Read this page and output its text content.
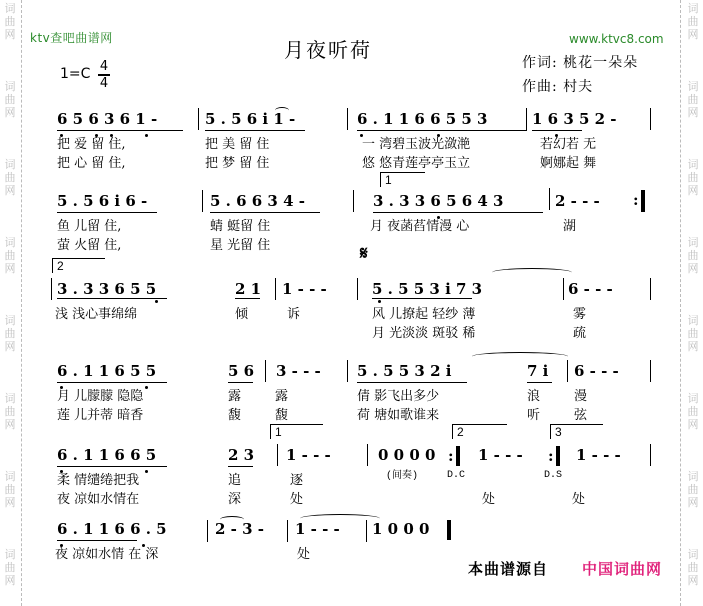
词
曲
网
词
曲
网
词
曲
网
词
曲
网
词
曲
网
词
曲
网
词
曲
网
词
曲
网
词
曲
网
词
曲
网
词
曲
网
词
曲
网
词
曲
网
词
曲
网
词
曲
网
词
曲
网
ktv查吧曲谱网	www.ktvc8.com
月夜听荷
作词: 桃花一朵朵
作曲: 村夫
1=C 4
4
6 5 6 3 6 1 -	5 . 5 6 i 1 -	6 . 1 1 6 6 5 5 3	1 6 3 5 2 -
把 爱 留 住,	把 美 留 住	一 湾碧玉波光潋滟	若幻若 无
把 心 留 住,	把 梦 留 住	悠 悠青莲亭亭玉立	婀娜起 舞
5 . 5 6 i 6 -	5 . 6 6 3 4 -	3 . 3 3 6 5 6 4 3	2 - - -
鱼 儿留 住,	蜻 蜓留 住	月 夜菡萏情漫 心	湖
萤 火留 住,	星 光留 住
3 . 3 3 6 5 5	2 1 1 - - -	5 . 5 5 3 i 7 3	6 - - -
浅 浅心事绵绵	倾	诉	风 儿撩起 轻纱 薄	雾
月 光淡淡 斑驳 稀	疏
6 . 1 1 6 5 5	5 6 3 - - - 5 . 5 5 3 2 i	7 i 6 - - -
月 儿朦朦 隐隐	露	露	倩 影飞出多少	浪	漫
莲 儿并蒂 暗香	馥	馥	荷 塘如歌谁来	听	弦
6 . 1 1 6 6 5	2 3 1 - - -	0 0 0 0	1 - - -	1 - - -
柔 情缱绻把我	追	逐
夜 凉如水情在	深	处	处	处
6 . 1 1 6 6 . 5	2 - 3 - 1 - - - 1 0 0 0
夜 凉如水情 在 深	处
:
:	:
1
2
1	2	3
𝄋
(间奏)	D.C	D.S
本曲谱源自 中国词曲网
